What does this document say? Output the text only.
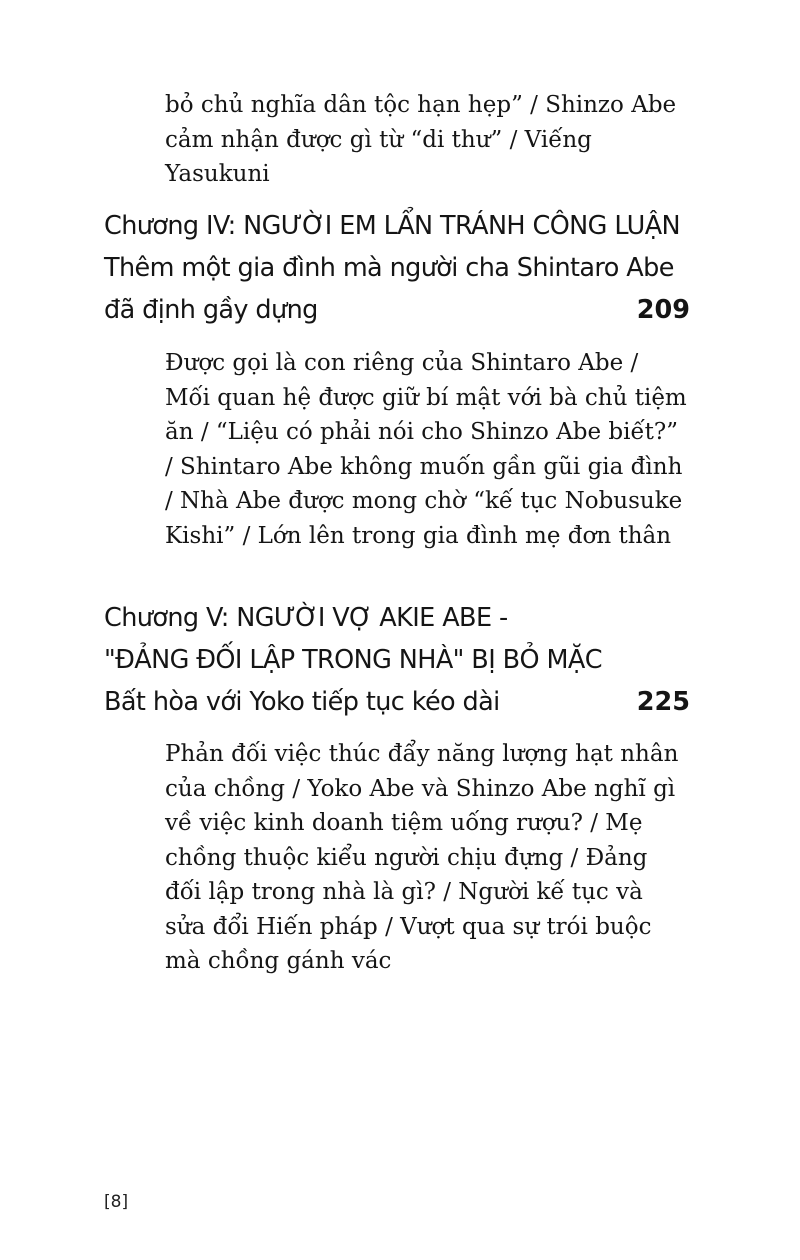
bỏ chủ nghĩa dân tộc hạn hẹp” / Shinzo Abe cảm nhận được gì từ “di thư” / Viếng Yasukuni
Chương IV: NGƯỜI EM LẨN TRÁNH CÔNG LUẬN
Thêm một gia đình mà người cha Shintaro Abe
đã định gầy dựng	209
Được gọi là con riêng của Shintaro Abe / Mối quan hệ được giữ bí mật với bà chủ tiệm ăn / “Liệu có phải nói cho Shinzo Abe biết?” / Shintaro Abe không muốn gần gũi gia đình / Nhà Abe được mong chờ “kế tục Nobusuke Kishi” / Lớn lên trong gia đình mẹ đơn thân
Chương V: NGƯỜI VỢ AKIE ABE -
"ĐẢNG ĐỐI LẬP TRONG NHÀ" BỊ BỎ MẶC
Bất hòa với Yoko tiếp tục kéo dài	225
Phản đối việc thúc đẩy năng lượng hạt nhân của chồng / Yoko Abe và Shinzo Abe nghĩ gì về việc kinh doanh tiệm uống rượu? / Mẹ chồng thuộc kiểu người chịu đựng / Đảng đối lập trong nhà là gì? / Người kế tục và sửa đổi Hiến pháp / Vượt qua sự trói buộc mà chồng gánh vác
[8]
